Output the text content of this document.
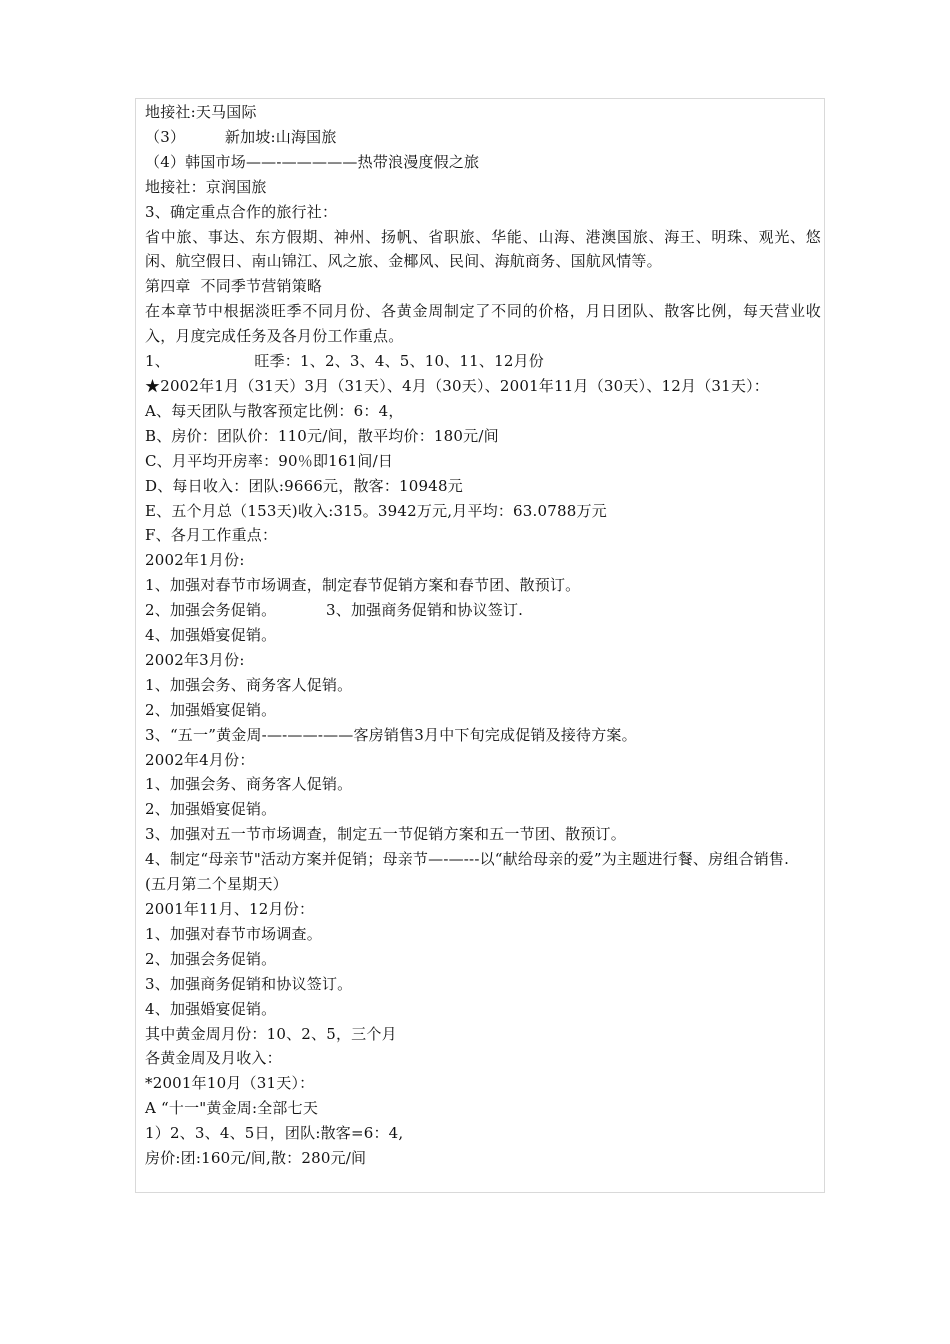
地接社:天马国际

（3）        新加坡:山海国旅

（4）韩国市场——-—————热带浪漫度假之旅

地接社：京润国旅

3、确定重点合作的旅行社：

省中旅、事达、东方假期、神州、扬帆、省职旅、华能、山海、港澳国旅、海王、明珠、观光、悠闲、航空假日、南山锦江、风之旅、金椰风、民间、海航商务、国航风情等。

第四章  不同季节营销策略

在本章节中根据淡旺季不同月份、各黄金周制定了不同的价格，月日团队、散客比例，每天营业收入，月度完成任务及各月份工作重点。

1、                 旺季：1、2、3、4、5、10、11、12月份

★2002年1月（31天）3月（31天）、4月（30天）、2001年11月（30天）、12月（31天）：

A、每天团队与散客预定比例：6：4，

B、房价：团队价：110元/间，散平均价：180元/间

C、月平均开房率：90％即161间/日

D、每日收入：团队:9666元，散客：10948元

E、五个月总（153天)收入:315。3942万元,月平均：63.0788万元

F、各月工作重点：

2002年1月份:

1、加强对春节市场调查，制定春节促销方案和春节团、散预订。

2、加强会务促销。          3、加强商务促销和协议签订.

4、加强婚宴促销。

2002年3月份:

1、加强会务、商务客人促销。

2、加强婚宴促销。

3、“五一”黄金周-—-——-——客房销售3月中下旬完成促销及接待方案。

2002年4月份：

1、加强会务、商务客人促销。

2、加强婚宴促销。

3、加强对五一节市场调查，制定五一节促销方案和五一节团、散预订。

4、制定“母亲节"活动方案并促销；母亲节—-—---以“献给母亲的爱”为主题进行餐、房组合销售.

(五月第二个星期天）

2001年11月、12月份：

1、加强对春节市场调查。

2、加强会务促销。

3、加强商务促销和协议签订。

4、加强婚宴促销。

其中黄金周月份：10、2、5，三个月

各黄金周及月收入：

*2001年10月（31天）：

A “十一"黄金周:全部七天

1）2、3、4、5日，团队:散客=6：4,

房价:团:160元/间,散：280元/间
